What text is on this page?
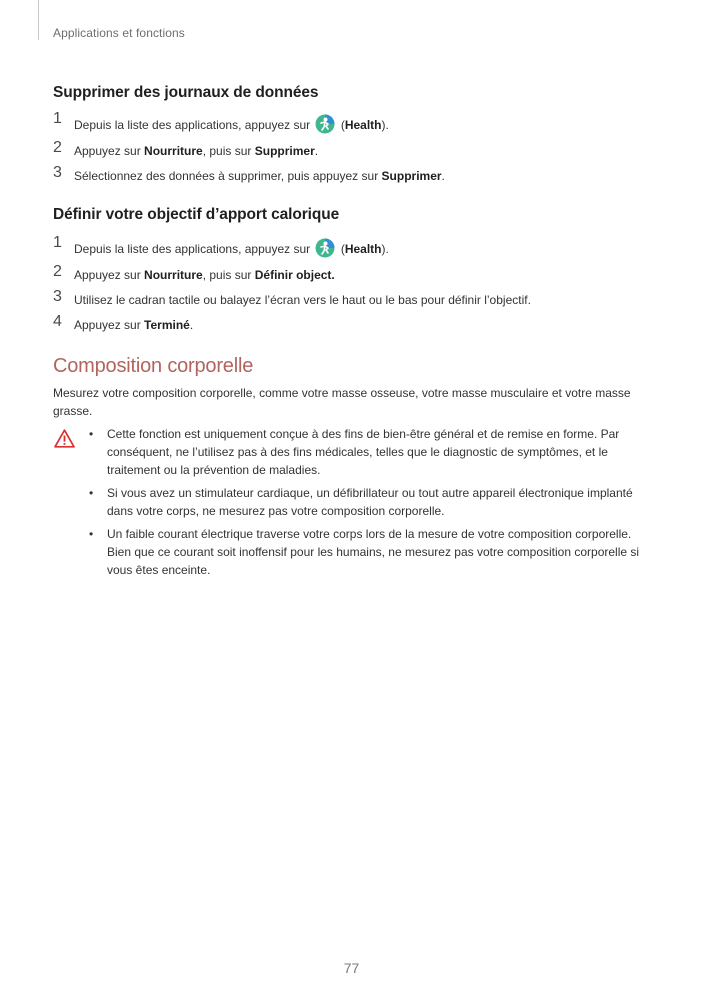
Applications et fonctions
Supprimer des journaux de données
1	Depuis la liste des applications, appuyez sur	(Health).
2	Appuyez sur Nourriture, puis sur Supprimer.
3	Sélectionnez des données à supprimer, puis appuyez sur Supprimer.
Définir votre objectif d’apport calorique
1	Depuis la liste des applications, appuyez sur	(Health).
2	Appuyez sur Nourriture, puis sur Définir object.
3	Utilisez le cadran tactile ou balayez l’écran vers le haut ou le bas pour définir l’objectif.
4	Appuyez sur Terminé.
Composition corporelle
Mesurez votre composition corporelle, comme votre masse osseuse, votre masse musculaire et votre masse grasse.
• Cette fonction est uniquement conçue à des fins de bien-être général et de remise en forme. Par conséquent, ne l’utilisez pas à des fins médicales, telles que le diagnostic de symptômes, et le traitement ou la prévention de maladies.
• Si vous avez un stimulateur cardiaque, un défibrillateur ou tout autre appareil électronique implanté dans votre corps, ne mesurez pas votre composition corporelle.
• Un faible courant électrique traverse votre corps lors de la mesure de votre composition corporelle. Bien que ce courant soit inoffensif pour les humains, ne mesurez pas votre composition corporelle si vous êtes enceinte.
77
